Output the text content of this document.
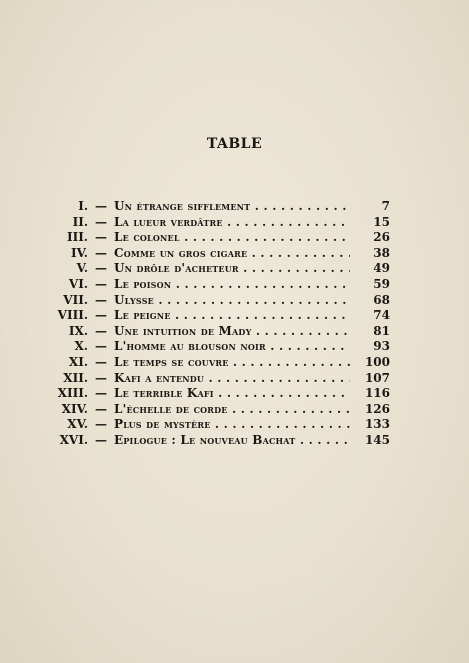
TABLE
I. — Un étrange sifflement . . .	7
II. — La lueur verdâtre . . .	15
III. — Le colonel . . .	26
IV. — Comme un gros cigare . . .	38
V. — Un drôle d'acheteur . . .	49
VI. — Le poison . . .	59
VII. — Ulysse . . .	68
VIII. — Le peigne . . .	74
IX. — Une intuition de Mady . . .	81
X. — L'homme au blouson noir . . .	93
XI. — Le temps se couvre . . .	100
XII. — Kafi a entendu . . .	107
XIII. — Le terrible Kafi . . .	116
XIV. — L'échelle de corde . . .	126
XV. — Plus de mystère . . .	133
XVI. — Epilogue : Le nouveau Bachat . . .	145
